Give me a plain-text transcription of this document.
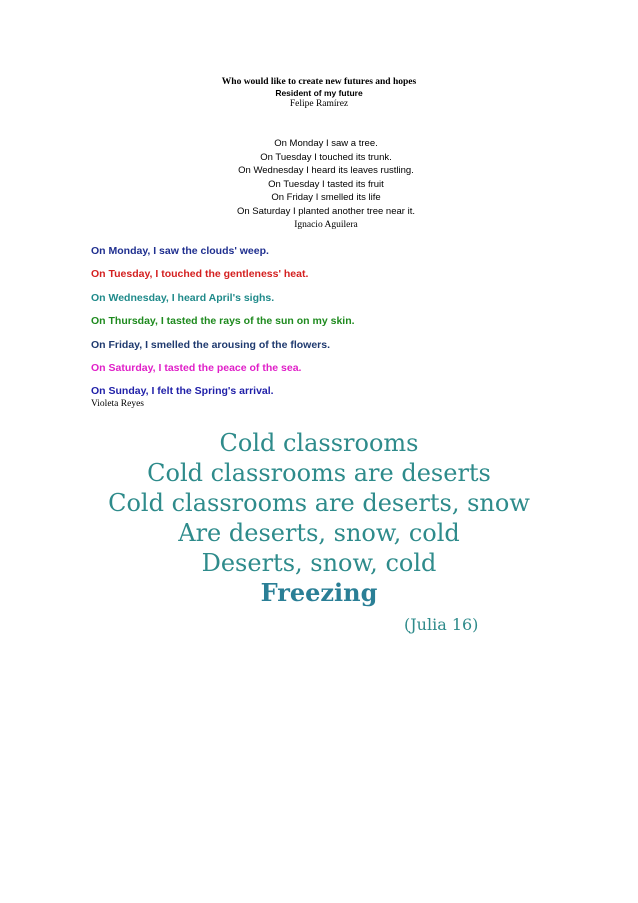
Who would like to create new futures and hopes
Resident of my future
Felipe Ramírez
On Monday I saw a tree.
On Tuesday I touched its trunk.
On Wednesday I heard its leaves rustling.
On Tuesday I tasted its fruit
On Friday I smelled its life
On Saturday I planted another tree near it.
Ignacio Aguilera
On Monday, I saw the clouds' weep.
On Tuesday, I touched the gentleness' heat.
On Wednesday, I heard April's sighs.
On Thursday, I tasted the rays of the sun on my skin.
On Friday, I smelled the arousing of the flowers.
On Saturday, I tasted the peace of the sea.
On Sunday, I felt the Spring's arrival.
Violeta Reyes
Cold classrooms
Cold classrooms are deserts
Cold classrooms are deserts, snow
Are deserts, snow, cold
Deserts, snow, cold
Freezing
(Julia 16)
